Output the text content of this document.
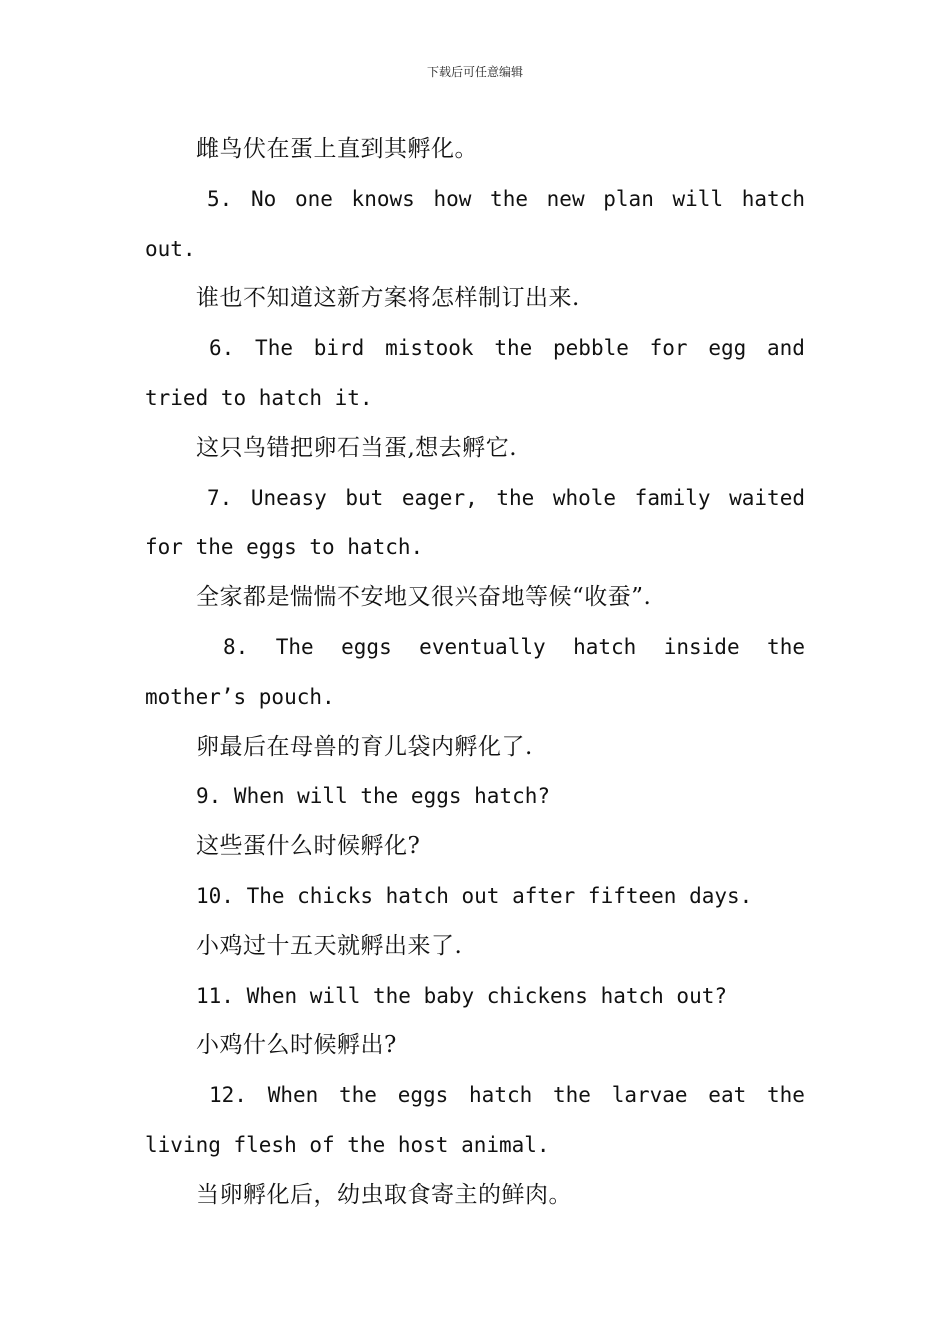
下载后可任意编辑
雌鸟伏在蛋上直到其孵化。
5. No one knows how the new plan will hatch
out.
谁也不知道这新方案将怎样制订出来.
6. The bird mistook the pebble for egg and
tried to hatch it.
这只鸟错把卵石当蛋,想去孵它.
7. Uneasy but eager, the whole family waited
for the eggs to hatch.
全家都是惴惴不安地又很兴奋地等候“收蚕”.
8. The eggs eventually hatch inside the
mother’s pouch.
卵最后在母兽的育儿袋内孵化了.
9. When will the eggs hatch?
这些蛋什么时候孵化?
10. The chicks hatch out after fifteen days.
小鸡过十五天就孵出来了.
11. When will the baby chickens hatch out?
小鸡什么时候孵出?
12. When the eggs hatch the larvae eat the
living flesh of the host animal.
当卵孵化后，幼虫取食寄主的鲜肉。
